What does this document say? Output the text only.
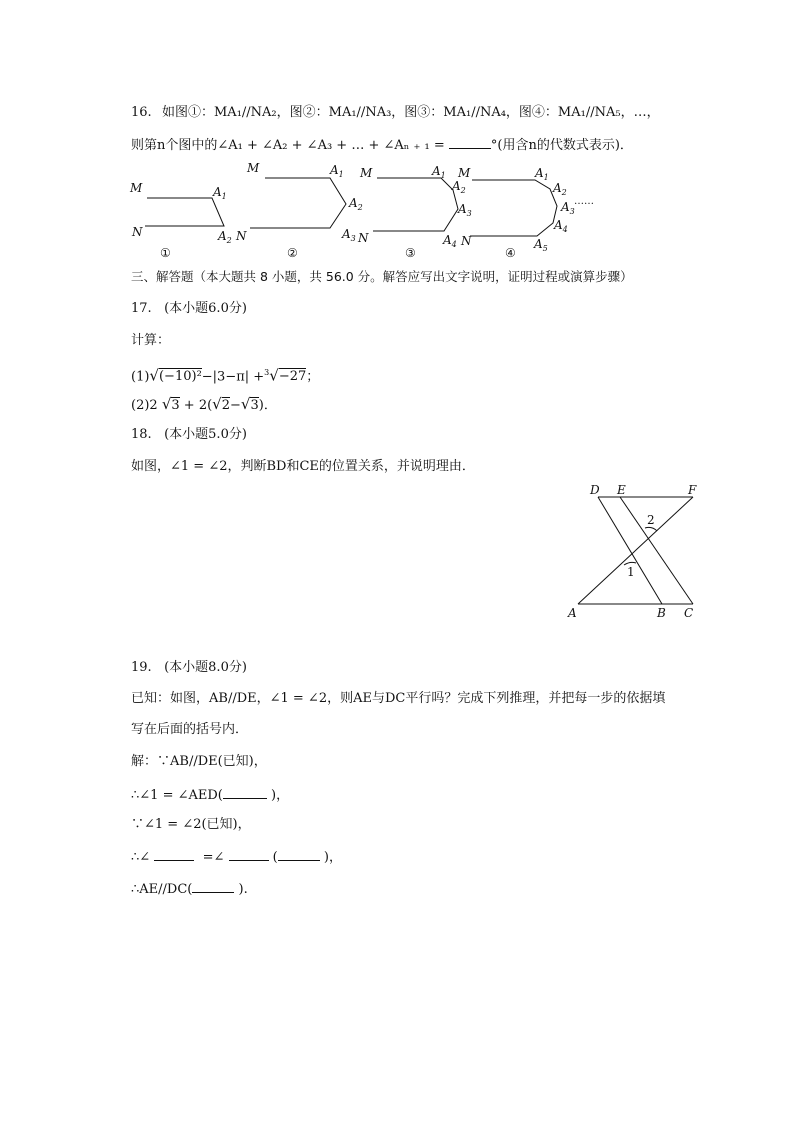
16. 如图①：MA₁//NA₂，图②：MA₁//NA₃，图③：MA₁//NA₄，图④：MA₁//NA₅，…，
则第n个图中的∠A₁ + ∠A₂ + ∠A₃ + … + ∠Aₙ ₊ ₁ =	°(用含n的代数式表示)．
M
N
$A_1$
$A_2$
①
M
N
$A_1$
$A_2$
$A_3$
②
M
N
$A_1$
$A_2$
$A_3$
$A_4$
③
M
N
$A_1$
$A_2$
$A_3$
……
$A_4$
$A_5$
④
三、解答题（本大题共 8 小题，共 56.0 分。解答应写出文字说明，证明过程或演算步骤）
17. (本小题6.0分)
计算：
(1)√(−10)²−|3−π| +$^3$√−27；
(2)2 √3 + 2(√2−√3)．
18. (本小题5.0分)
如图，∠1 = ∠2，判断BD和CE的位置关系，并说明理由．
D E	F
A	B C
1
2
19. (本小题8.0分)
已知：如图，AB//DE，∠1 = ∠2，则AE与DC平行吗？完成下列推理，并把每一步的依据填
写在后面的括号内．
解：∵AB//DE(已知)，
∴∠1 = ∠AED(	)，
∵∠1 = ∠2(已知)，
∴∠	=∠	(	)，
∴AE//DC(	).
